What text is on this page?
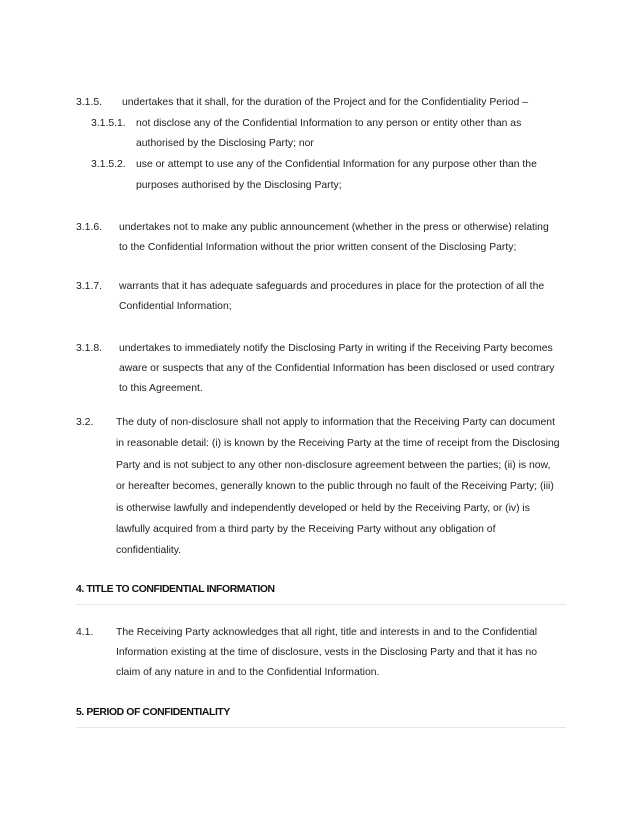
3.1.5. undertakes that it shall, for the duration of the Project and for the Confidentiality Period –
3.1.5.1. not disclose any of the Confidential Information to any person or entity other than as
authorised by the Disclosing Party; nor
3.1.5.2. use or attempt to use any of the Confidential Information for any purpose other than the
purposes authorised by the Disclosing Party;
3.1.6. undertakes not to make any public announcement (whether in the press or otherwise) relating
to the Confidential Information without the prior written consent of the Disclosing Party;
3.1.7. warrants that it has adequate safeguards and procedures in place for the protection of all the
Confidential Information;
3.1.8. undertakes to immediately notify the Disclosing Party in writing if the Receiving Party becomes
aware or suspects that any of the Confidential Information has been disclosed or used contrary
to this Agreement.
3.2. The duty of non-disclosure shall not apply to information that the Receiving Party can document
in reasonable detail: (i) is known by the Receiving Party at the time of receipt from the Disclosing
Party and is not subject to any other non-disclosure agreement between the parties; (ii) is now,
or hereafter becomes, generally known to the public through no fault of the Receiving Party; (iii)
is otherwise lawfully and independently developed or held by the Receiving Party, or (iv) is
lawfully acquired from a third party by the Receiving Party without any obligation of
confidentiality.
4. TITLE TO CONFIDENTIAL INFORMATION
4.1. The Receiving Party acknowledges that all right, title and interests in and to the Confidential
Information existing at the time of disclosure, vests in the Disclosing Party and that it has no
claim of any nature in and to the Confidential Information.
5. PERIOD OF CONFIDENTIALITY
